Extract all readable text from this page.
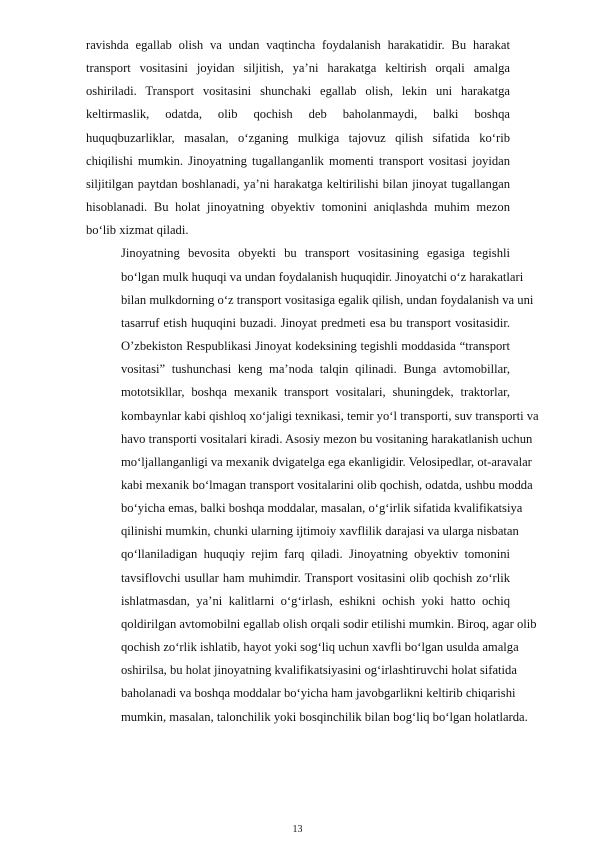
ravishda egallab olish va undan vaqtincha foydalanish harakatidir. Bu harakat
transport vositasini joyidan siljitish, yaʼni harakatga keltirish orqali amalga
oshiriladi. Transport vositasini shunchaki egallab olish, lekin uni harakatga
keltirmaslik, odatda, olib qochish deb baholanmaydi, balki boshqa
huquqbuzarliklar, masalan, o‘zganing mulkiga tajovuz qilish sifatida ko‘rib
chiqilishi mumkin. Jinoyatning tugallanganlik momenti transport vositasi joyidan
siljitilgan paytdan boshlanadi, yaʼni harakatga keltirilishi bilan jinoyat tugallangan
hisoblanadi. Bu holat jinoyatning obyektiv tomonini aniqlashda muhim mezon
bo‘lib xizmat qiladi.

Jinoyatning bevosita obyekti bu transport vositasining egasiga tegishli
bo‘lgan mulk huquqi va undan foydalanish huquqidir. Jinoyatchi o‘z harakatlari
bilan mulkdorning o‘z transport vositasiga egalik qilish, undan foydalanish va uni
tasarruf etish huquqini buzadi. Jinoyat predmeti esa bu transport vositasidir.
O’zbekiston Respublikasi Jinoyat kodeksining tegishli moddasida “transport
vositasi” tushunchasi keng maʼnoda talqin qilinadi. Bunga avtomobillar,
mototsikllar, boshqa mexanik transport vositalari, shuningdek, traktorlar,
kombaynlar kabi qishloq xo‘jaligi texnikasi, temir yo‘l transporti, suv transporti va
havo transporti vositalari kiradi. Asosiy mezon bu vositaning harakatlanish uchun
mo‘ljallanganligi va mexanik dvigatelga ega ekanligidir. Velosipedlar, ot-aravalar
kabi mexanik bo‘lmagan transport vositalarini olib qochish, odatda, ushbu modda
bo‘yicha emas, balki boshqa moddalar, masalan, o‘g‘irlik sifatida kvalifikatsiya
qilinishi mumkin, chunki ularning ijtimoiy xavflilik darajasi va ularga nisbatan
qo‘llaniladigan huquqiy rejim farq qiladi. Jinoyatning obyektiv tomonini
tavsiflovchi usullar ham muhimdir. Transport vositasini olib qochish zo‘rlik
ishlatmasdan, yaʼni kalitlarni o‘g‘irlash, eshikni ochish yoki hatto ochiq
qoldirilgan avtomobilni egallab olish orqali sodir etilishi mumkin. Biroq, agar olib
qochish zo‘rlik ishlatib, hayot yoki sog‘liq uchun xavfli bo‘lgan usulda amalga
oshirilsa, bu holat jinoyatning kvalifikatsiyasini og‘irlashtiruvchi holat sifatida
baholanadi va boshqa moddalar bo‘yicha ham javobgarlikni keltirib chiqarishi
mumkin, masalan, talonchilik yoki bosqinchilik bilan bog‘liq bo‘lgan holatlarda.

13
